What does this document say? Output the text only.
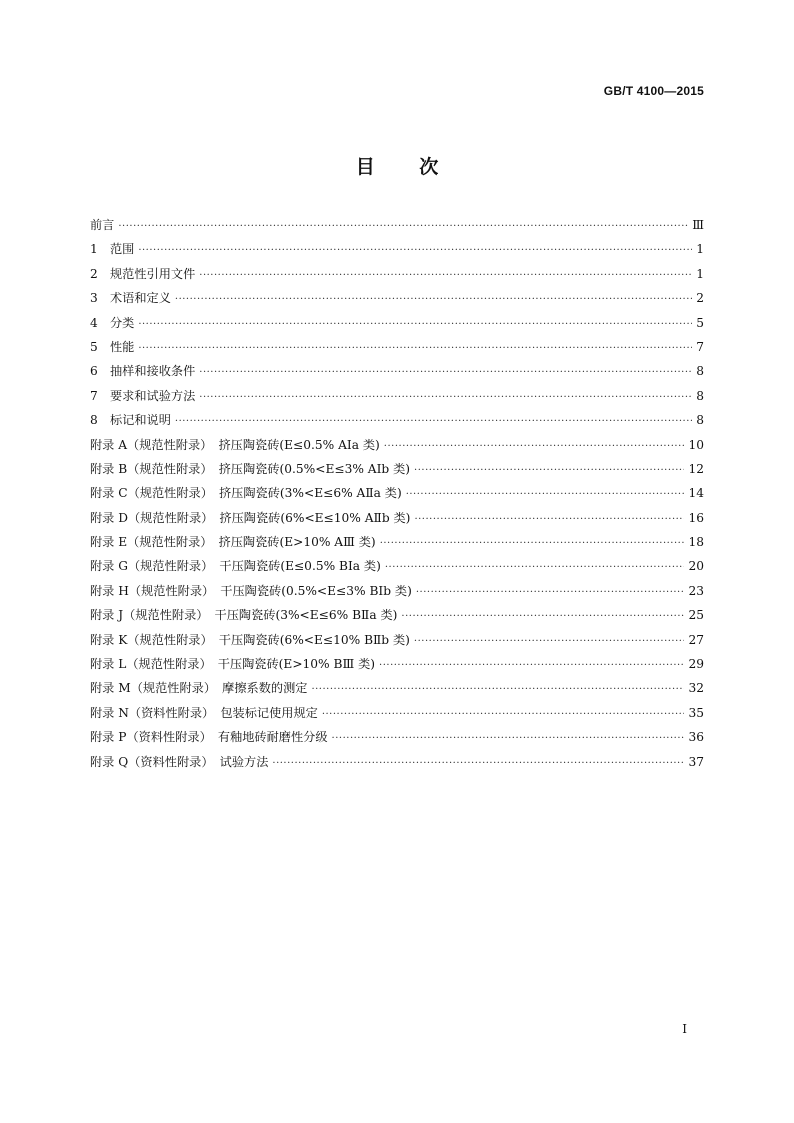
GB/T 4100—2015
目 次
前言 ·····	Ⅲ
1　范围 ·····	1
2　规范性引用文件 ·····	1
3　术语和定义 ·····	2
4　分类 ·····	5
5　性能 ·····	7
6　抽样和接收条件 ·····	8
7　要求和试验方法 ·····	8
8　标记和说明 ·····	8
附录 A（规范性附录）　挤压陶瓷砖(E≤0.5% AⅠa 类) ·····	10
附录 B（规范性附录）　挤压陶瓷砖(0.5%<E≤3% AⅠb 类) ·····	12
附录 C（规范性附录）　挤压陶瓷砖(3%<E≤6% AⅡa 类) ·····	14
附录 D（规范性附录）　挤压陶瓷砖(6%<E≤10% AⅡb 类) ·····	16
附录 E（规范性附录）　挤压陶瓷砖(E>10% AⅢ 类) ·····	18
附录 G（规范性附录）　干压陶瓷砖(E≤0.5% BⅠa 类) ·····	20
附录 H（规范性附录）　干压陶瓷砖(0.5%<E≤3% BⅠb 类) ·····	23
附录 J（规范性附录）　干压陶瓷砖(3%<E≤6% BⅡa 类) ·····	25
附录 K（规范性附录）　干压陶瓷砖(6%<E≤10% BⅡb 类) ·····	27
附录 L（规范性附录）　干压陶瓷砖(E>10% BⅢ 类) ·····	29
附录 M（规范性附录）　摩擦系数的测定 ·····	32
附录 N（资料性附录）　包装标记使用规定 ·····	35
附录 P（资料性附录）　有釉地砖耐磨性分级 ·····	36
附录 Q（资料性附录）　试验方法 ·····	37
I
